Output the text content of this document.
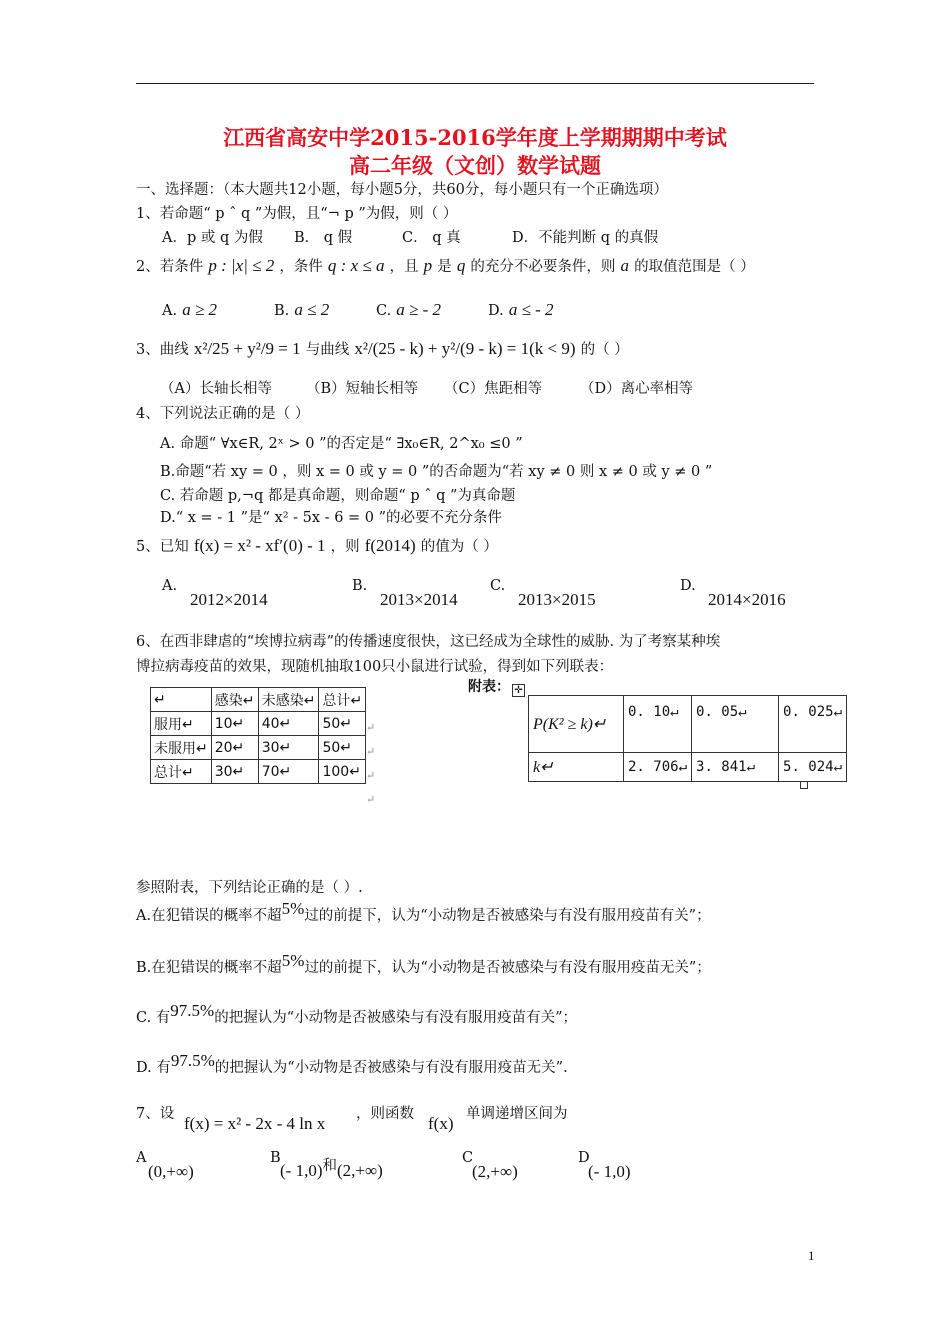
江西省高安中学2015-2016学年度上学期期期中考试
高二年级（文创）数学试题
一、选择题：（本大题共12小题，每小题5分，共60分，每小题只有一个正确选项）
1、若命题“ p ˆ q ”为假，且“¬ p ”为假，则（ ）
A．p 或 q 为假 B． q 假	C． q 真	D．不能判断 q 的真假
2、若条件 p : |x| ≤ 2 ，条件 q : x ≤ a ，且 p 是 q 的充分不必要条件，则 a 的取值范围是（ ）
A. a ≥ 2	B. a ≤ 2	C. a ≥ - 2	D. a ≤ - 2
3、曲线 x²/25 + y²/9 = 1 与曲线 x²/(25 - k) + y²/(9 - k) = 1(k < 9) 的（ ）
（A）长轴长相等 （B）短轴长相等 （C）焦距相等	（D）离心率相等
4、下列说法正确的是（ ）
A. 命题“ ∀x∈R, 2ˣ > 0 ”的否定是“ ∃x₀∈R, 2^x₀ ≤0 ”
B.命题“若 xy = 0 ，则 x = 0 或 y = 0 ”的否命题为“若 xy ≠ 0 则 x ≠ 0 或 y ≠ 0 ”
C. 若命题 p,¬q 都是真命题，则命题“ p ˆ q ”为真命题
D.“ x = - 1 ”是“ x² - 5x - 6 = 0 ”的必要不充分条件
5、已知 f(x) = x² - xf′(0) - 1 ，则 f(2014) 的值为（ ）
A.
2012×2014
B.
2013×2014
C.
2013×2015
D.
2014×2016
6、在西非肆虐的“埃博拉病毒”的传播速度很快，这已经成为全球性的威胁. 为了考察某种埃
博拉病毒疫苗的效果，现随机抽取100只小鼠进行试验，得到如下列联表：
↵	感染↵	未感染↵	总计↵
服用↵	10↵	40↵	50↵
未服用↵	20↵	30↵	50↵
总计↵	30↵	70↵	100↵
↵
↵
↵
↵
附表： ✛
P(K² ≥ k)↵	0. 10↵	0. 05↵	0. 025↵
k↵	2. 706↵	3. 841↵	5. 024↵
参照附表，下列结论正确的是（ ）.
A.在犯错误的概率不超5%过的前提下，认为“小动物是否被感染与有没有服用疫苗有关”；
B.在犯错误的概率不超5%过的前提下，认为“小动物是否被感染与有没有服用疫苗无关”；
C. 有97.5%的把握认为“小动物是否被感染与有没有服用疫苗有关”；
D. 有97.5%的把握认为“小动物是否被感染与有没有服用疫苗无关”.
7、设 f(x) = x² - 2x - 4 ln x ，则函数 f(x) 单调递增区间为
A
(0,+∞)
B
(- 1,0)和(2,+∞)
C
(2,+∞)
D
(- 1,0)
1
